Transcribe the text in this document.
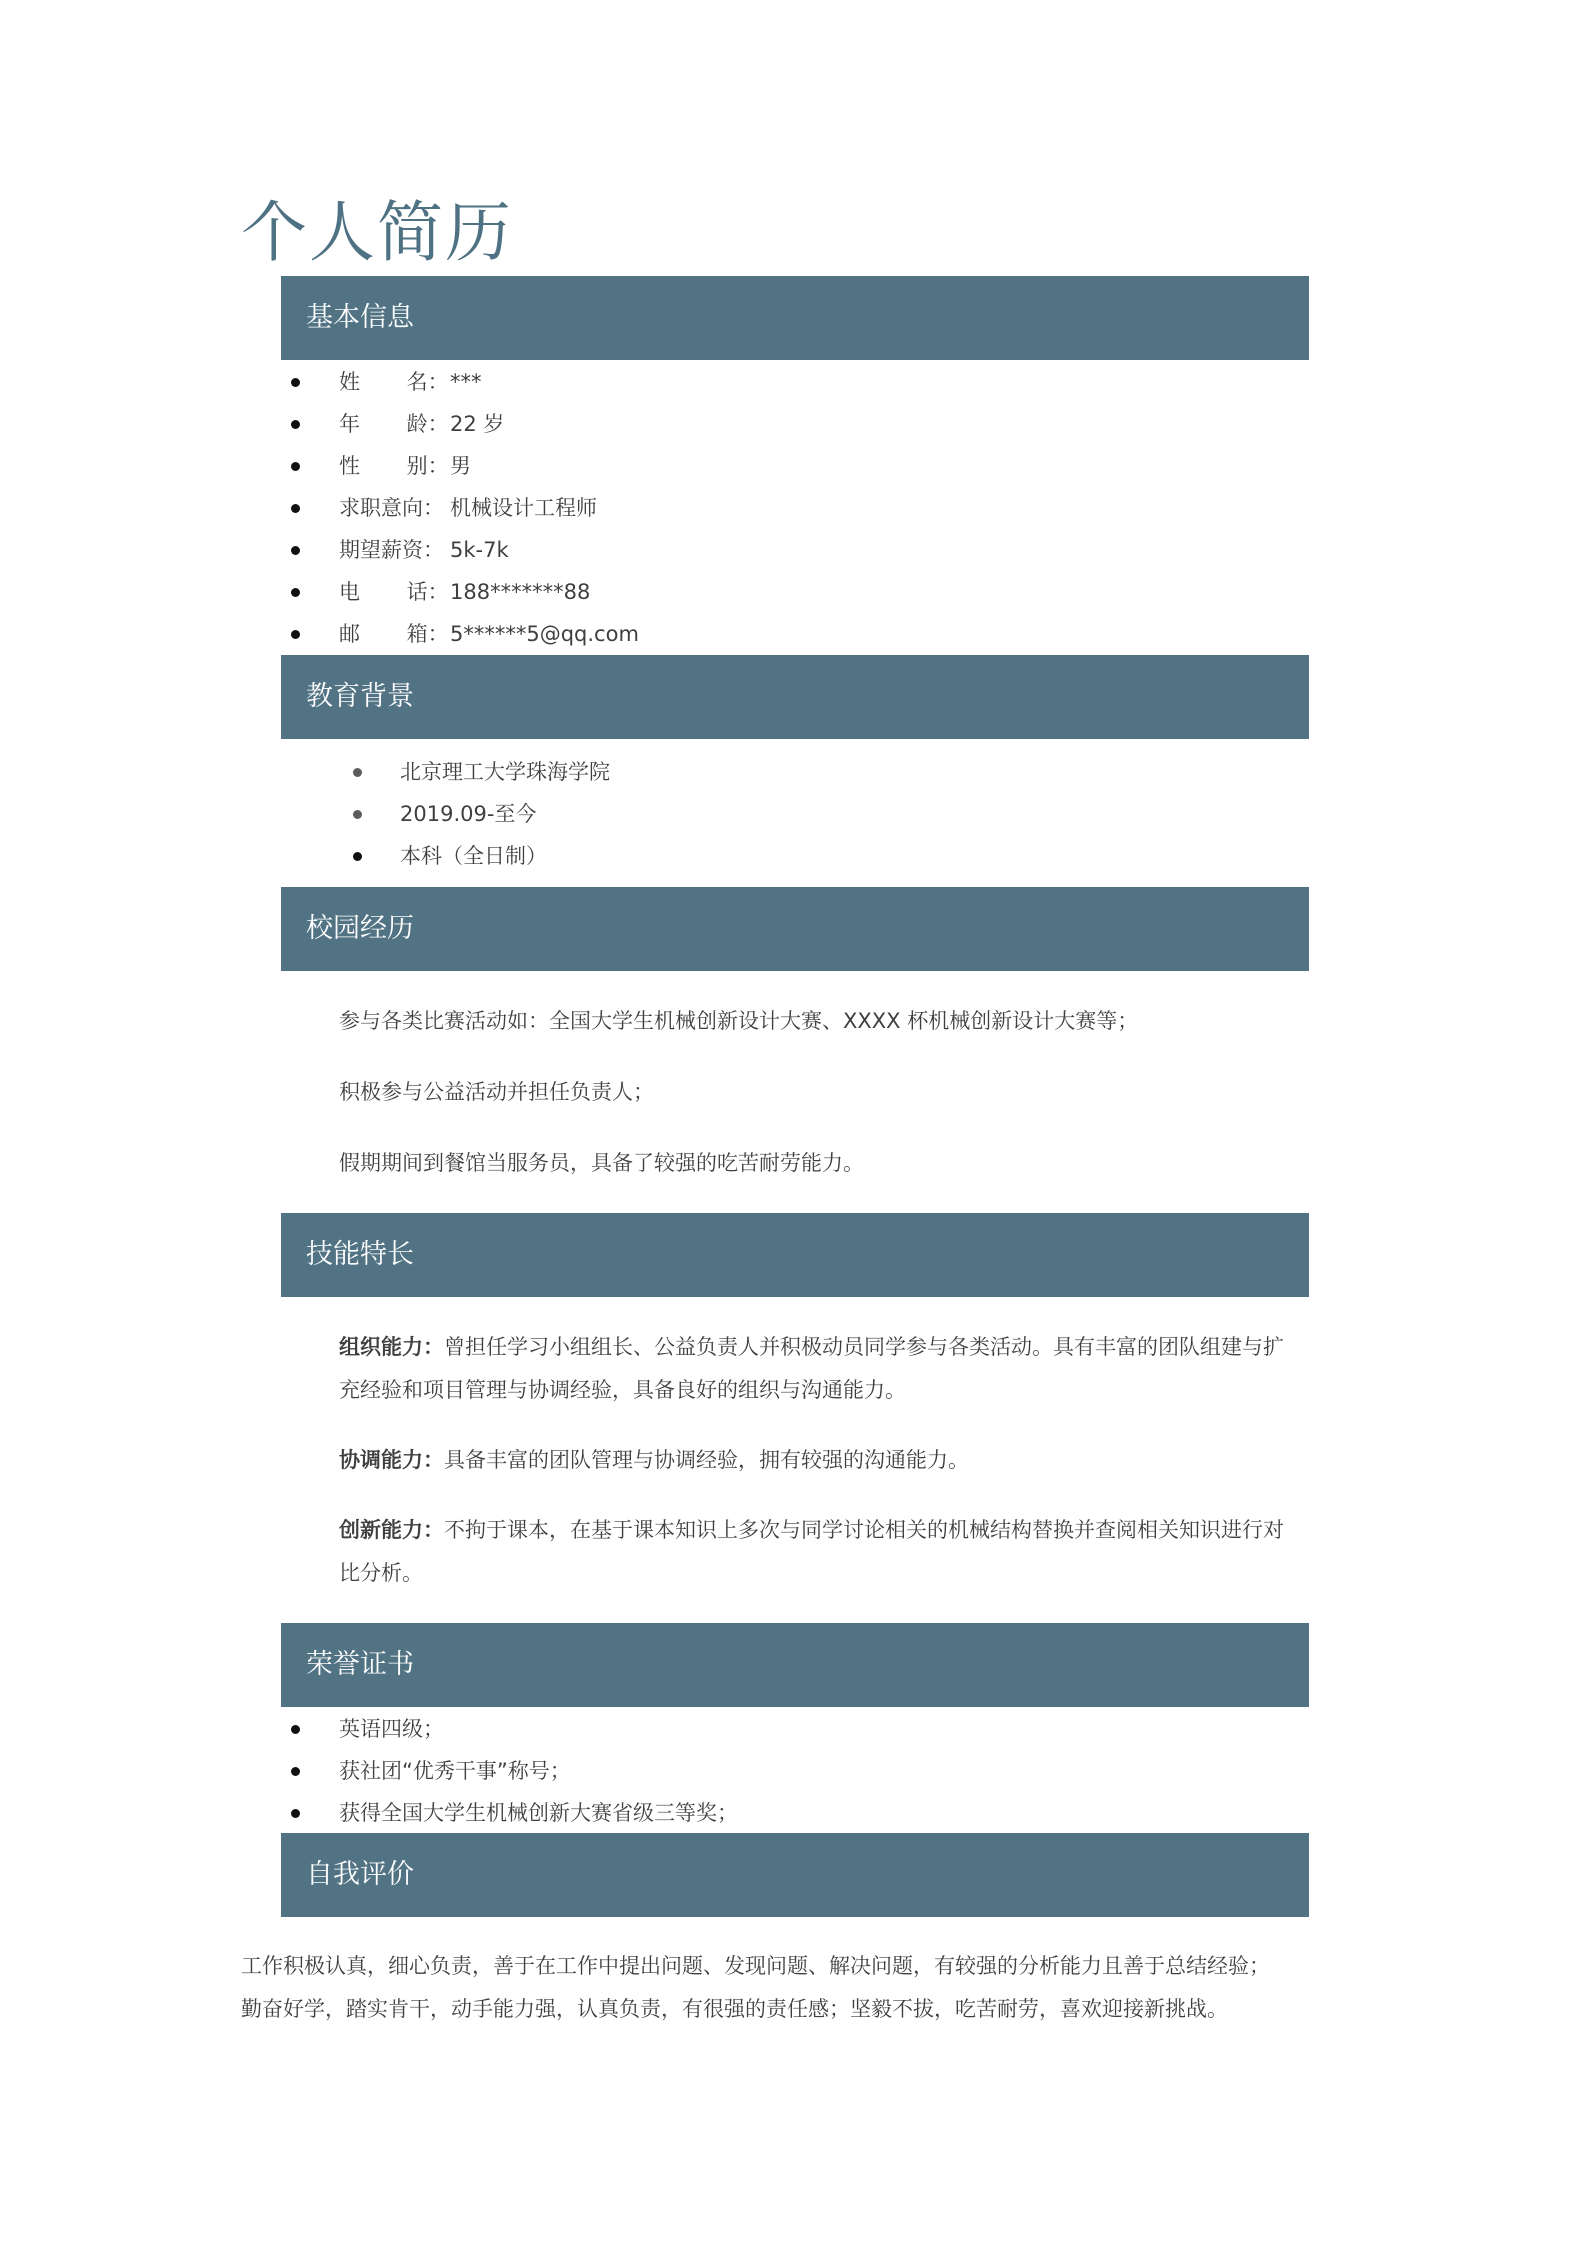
个人简历
基本信息
姓 名： ***
年 龄： 22 岁
性 别： 男
求职意向： 机械设计工程师
期望薪资： 5k-7k
电 话： 188*******88
邮 箱： 5******5@qq.com
教育背景
北京理工大学珠海学院
2019.09-至今
本科（全日制）
校园经历

参与各类比赛活动如：全国大学生机械创新设计大赛、XXXX 杯机械创新设计大赛等；

积极参与公益活动并担任负责人；

假期期间到餐馆当服务员，具备了较强的吃苦耐劳能力。

技能特长

组织能力：曾担任学习小组组长、公益负责人并积极动员同学参与各类活动。具有丰富的团队组建与扩充经验和项目管理与协调经验，具备良好的组织与沟通能力。

协调能力：具备丰富的团队管理与协调经验，拥有较强的沟通能力。

创新能力：不拘于课本，在基于课本知识上多次与同学讨论相关的机械结构替换并查阅相关知识进行对比分析。

荣誉证书
英语四级；
获社团“优秀干事”称号；
获得全国大学生机械创新大赛省级三等奖；
自我评价

工作积极认真，细心负责，善于在工作中提出问题、发现问题、解决问题，有较强的分析能力且善于总结经验；勤奋好学，踏实肯干，动手能力强，认真负责，有很强的责任感；坚毅不拔，吃苦耐劳，喜欢迎接新挑战。
